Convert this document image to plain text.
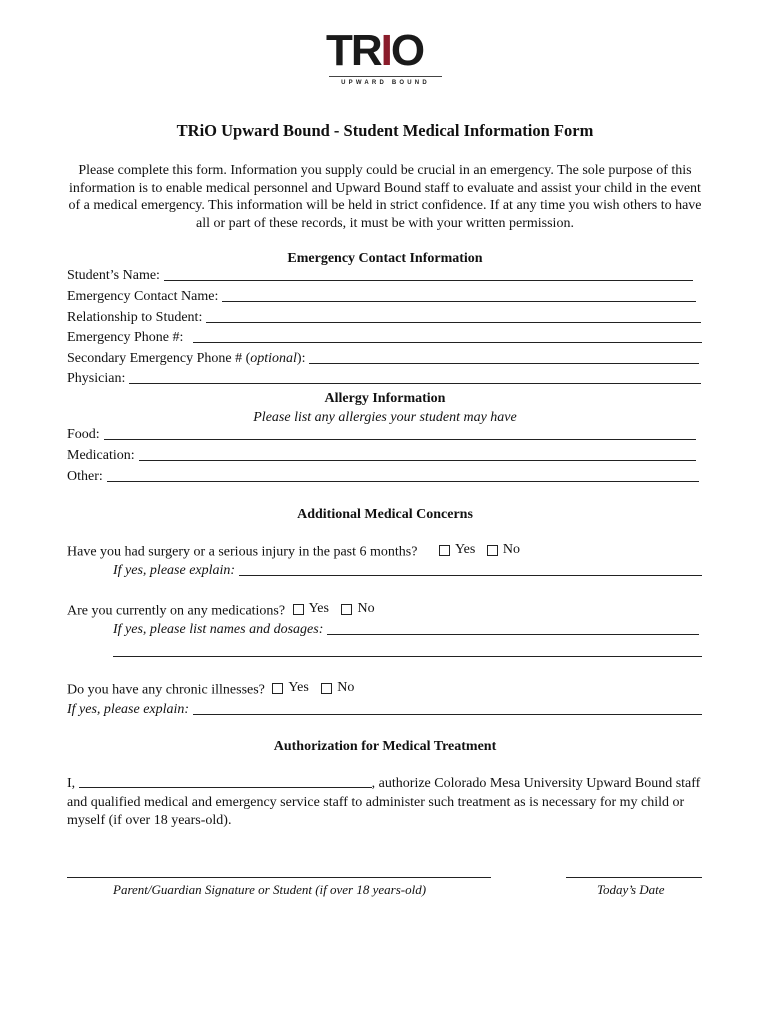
TRIO
UPWARD BOUND
TRiO Upward Bound - Student Medical Information Form
Please complete this form. Information you supply could be crucial in an emergency. The sole purpose of this information is to enable medical personnel and Upward Bound staff to evaluate and assist your child in the event of a medical emergency. This information will be held in strict confidence. If at any time you wish others to have all or part of these records, it must be with your written permission.
Emergency Contact Information
Student’s Name:
Emergency Contact Name:
Relationship to Student:
Emergency Phone #:
Secondary Emergency Phone # (optional):
Physician:
Allergy Information
Please list any allergies your student may have
Food:
Medication:
Other:
Additional Medical Concerns
Have you had surgery or a serious injury in the past 6 months?	Yes
No
If yes, please explain:
Are you currently on any medications? Yes
No
If yes, please list names and dosages:
Do you have any chronic illnesses? Yes
No
If yes, please explain:
Authorization for Medical Treatment
I,	, authorize Colorado Mesa University Upward Bound staff and qualified medical and emergency service staff to administer such treatment as is necessary for my child or myself (if over 18 years-old).
Parent/Guardian Signature or Student (if over 18 years-old)	Today’s Date
